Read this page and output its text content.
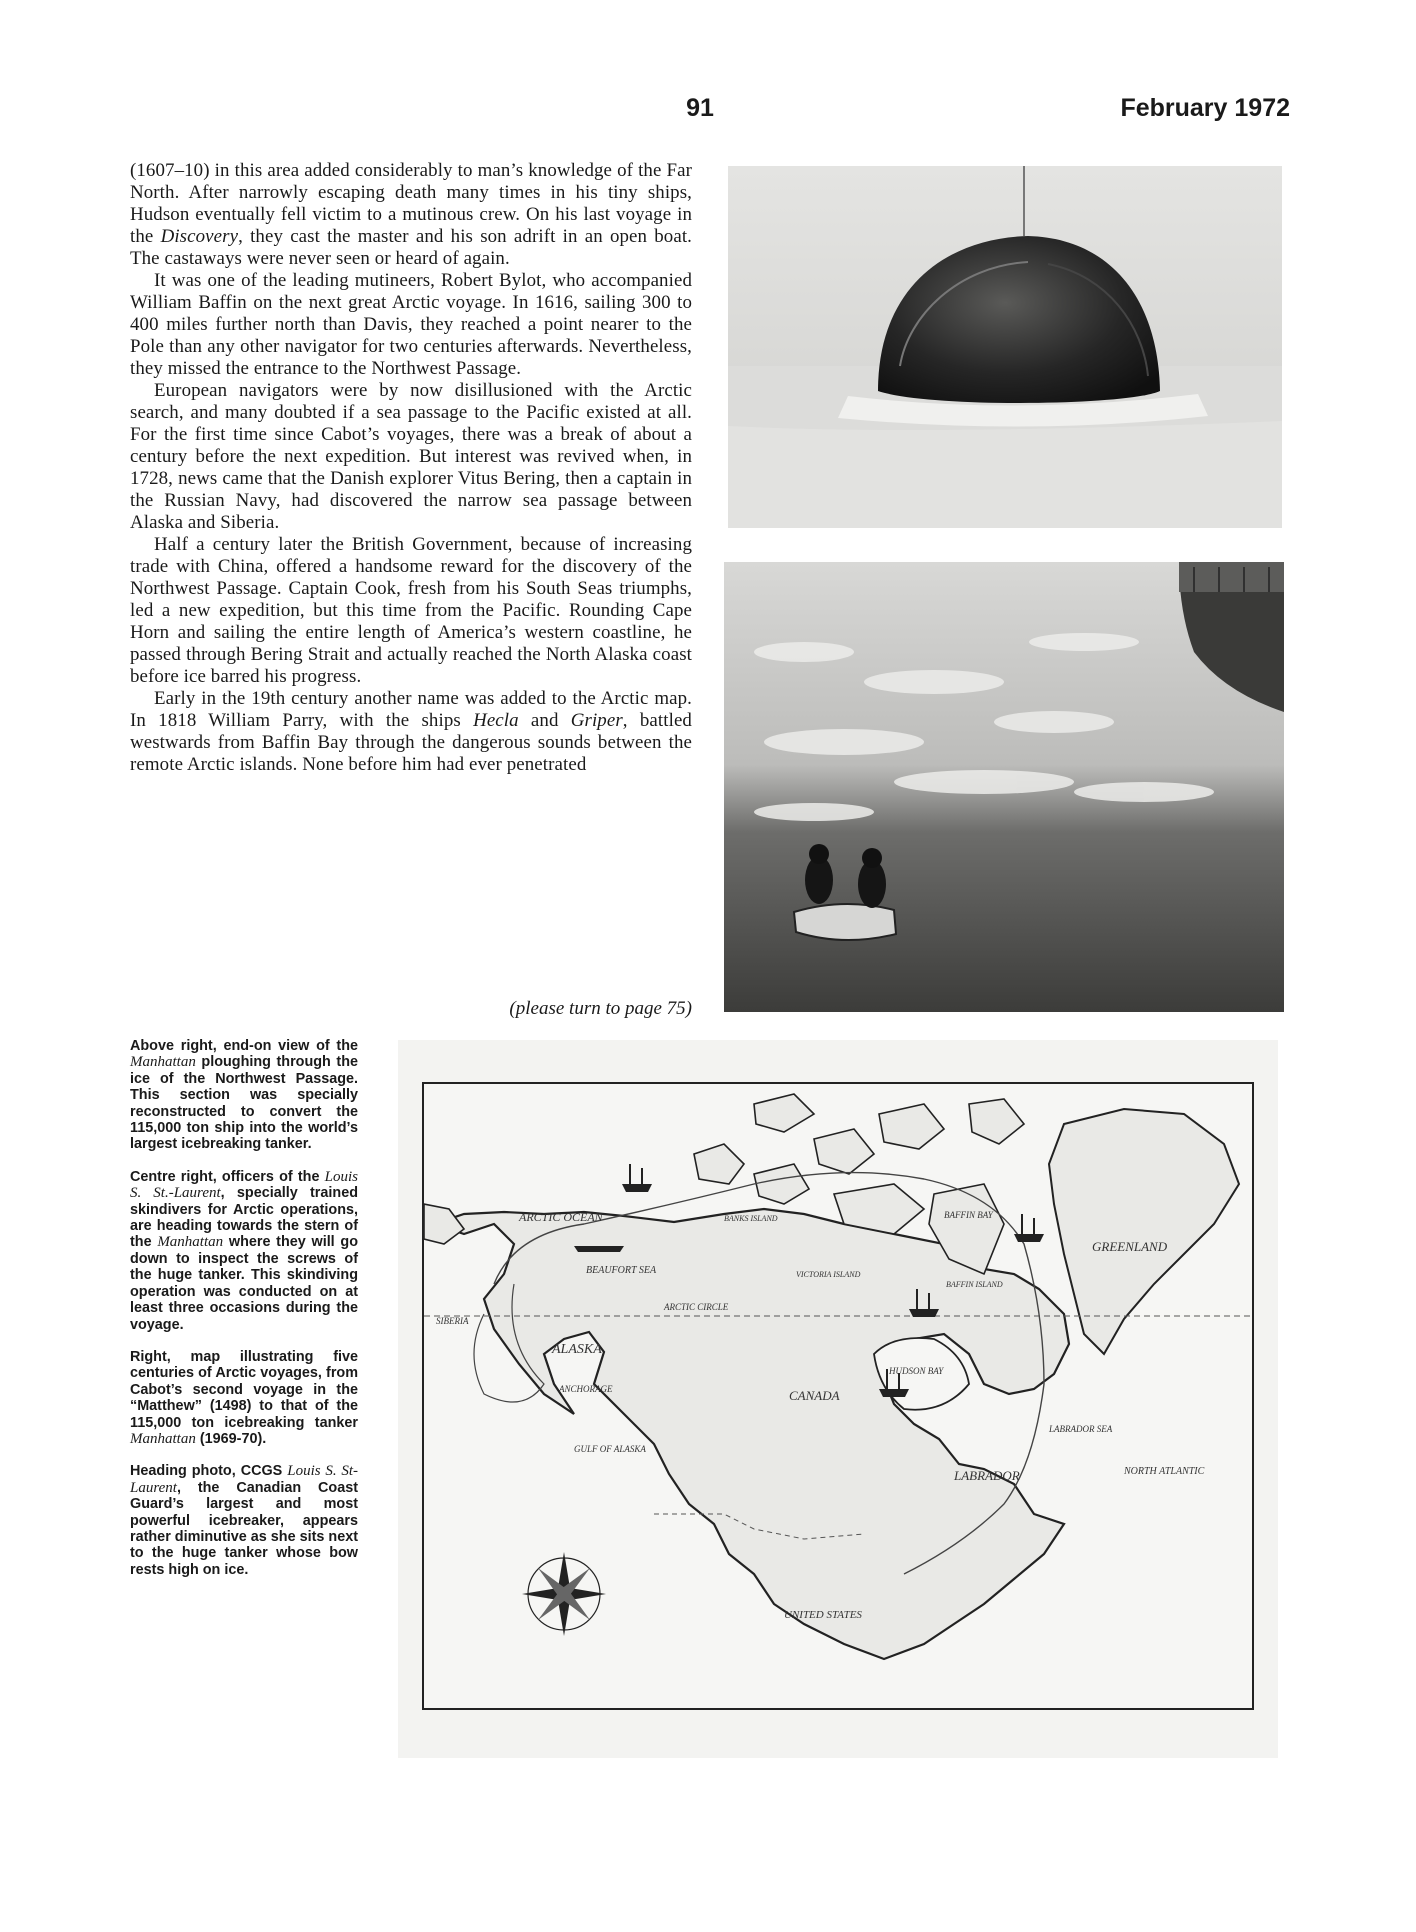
91	February 1972

(1607–10) in this area added considerably to man’s knowledge of the Far North. After narrowly escaping death many times in his tiny ships, Hudson eventually fell victim to a mutinous crew. On his last voyage in the Discovery, they cast the master and his son adrift in an open boat. The castaways were never seen or heard of again.

It was one of the leading mutineers, Robert Bylot, who accompanied William Baffin on the next great Arctic voyage. In 1616, sailing 300 to 400 miles further north than Davis, they reached a point nearer to the Pole than any other navigator for two centuries afterwards. Nevertheless, they missed the entrance to the Northwest Passage.

European navigators were by now disillusioned with the Arctic search, and many doubted if a sea passage to the Pacific existed at all. For the first time since Cabot’s voyages, there was a break of about a century before the next expedition. But interest was revived when, in 1728, news came that the Danish explorer Vitus Bering, then a captain in the Russian Navy, had discovered the narrow sea passage between Alaska and Siberia.

Half a century later the British Government, because of increasing trade with China, offered a handsome reward for the discovery of the Northwest Passage. Captain Cook, fresh from his South Seas triumphs, led a new expedition, but this time from the Pacific. Rounding Cape Horn and sailing the entire length of America’s western coastline, he passed through Bering Strait and actually reached the North Alaska coast before ice barred his progress.

Early in the 19th century another name was added to the Arctic map. In 1818 William Parry, with the ships Hecla and Griper, battled westwards from Baffin Bay through the dangerous sounds between the remote Arctic islands. None before him had ever penetrated

(please turn to page 75)

Above right, end-on view of the Manhattan ploughing through the ice of the Northwest Passage. This section was specially reconstructed to convert the 115,000 ton ship into the world’s largest icebreaking tanker.

Centre right, officers of the Louis S. St.-Laurent, specially trained skindivers for Arctic operations, are heading towards the stern of the Manhattan where they will go down to inspect the screws of the huge tanker. This skindiving operation was conducted on at least three occasions during the voyage.

Right, map illustrating five centuries of Arctic voyages, from Cabot’s second voyage in the “Matthew” (1498) to that of the 115,000 ton icebreaking tanker Manhattan (1969-70).

Heading photo, CCGS Louis S. St-Laurent, the Canadian Coast Guard’s largest and most powerful icebreaker, appears rather diminutive as she sits next to the huge tanker whose bow rests high on ice.

ARCTIC OCEAN
GREENLAND
BEAUFORT SEA
BAFFIN BAY
ARCTIC CIRCLE
ALASKA
CANADA
HUDSON BAY
LABRADOR
LABRADOR SEA
NORTH ATLANTIC
UNITED STATES
SIBERIA
GULF OF ALASKA
ANCHORAGE
BANKS ISLAND
VICTORIA ISLAND
BAFFIN ISLAND
